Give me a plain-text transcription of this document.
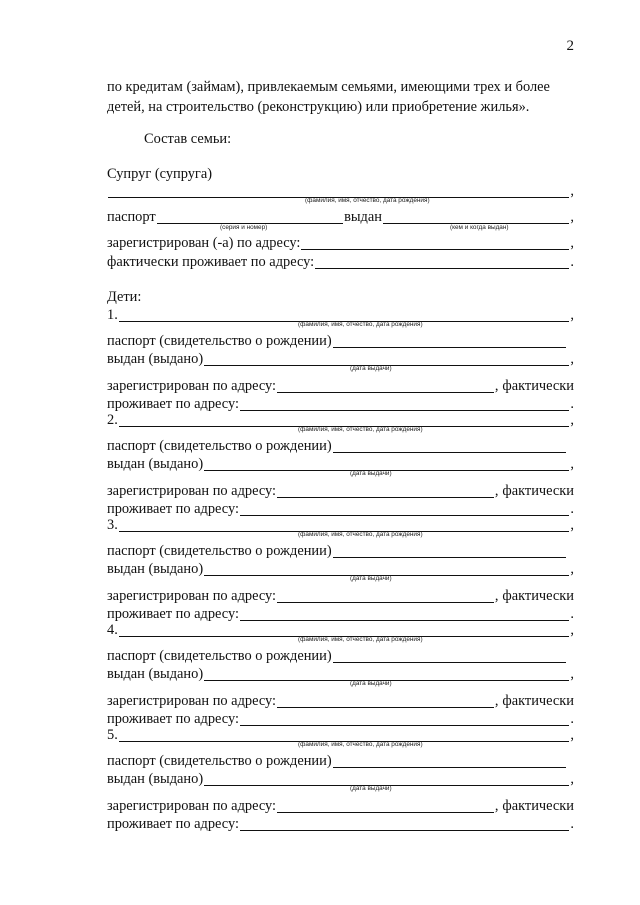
2
по кредитам (займам), привлекаемым семьями, имеющими трех и более
детей, на строительство (реконструкцию) или приобретение жилья».
Состав семьи:
Супруг (супруга)
,
(фамилия, имя, отчество, дата рождения)
паспорт	выдан	,
(серия и номер)	(кем и когда выдан)
зарегистрирован (-а) по адресу:	,
фактически проживает по адресу:	.
Дети:
1.	,
(фамилия, имя, отчество, дата рождения)
паспорт (свидетельство о рождении)
выдан (выдано)	,
(дата выдачи)
зарегистрирован по адресу:	, фактически
проживает по адресу:	.
2.	,
(фамилия, имя, отчество, дата рождения)
паспорт (свидетельство о рождении)
выдан (выдано)	,
(дата выдачи)
зарегистрирован по адресу:	, фактически
проживает по адресу:	.
3.	,
(фамилия, имя, отчество, дата рождения)
паспорт (свидетельство о рождении)
выдан (выдано)	,
(дата выдачи)
зарегистрирован по адресу:	, фактически
проживает по адресу:	.
4.	,
(фамилия, имя, отчество, дата рождения)
паспорт (свидетельство о рождении)
выдан (выдано)	,
(дата выдачи)
зарегистрирован по адресу:	, фактически
проживает по адресу:	.
5.	,
(фамилия, имя, отчество, дата рождения)
паспорт (свидетельство о рождении)
выдан (выдано)	,
(дата выдачи)
зарегистрирован по адресу:	, фактически
проживает по адресу:	.
